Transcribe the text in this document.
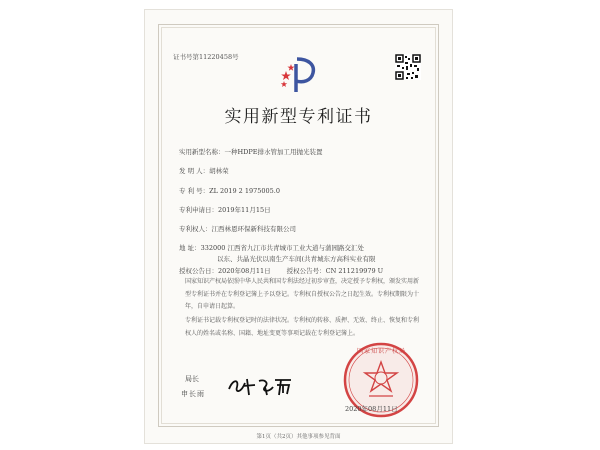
证书号第11220458号
实用新型专利证书
实用新型名称：一种HDPE排水管加工用抛光装置
发 明 人：胡林荣
专 利 号：ZL 2019 2 1975005.0
专利申请日：2019年11月15日
专利权人：江西林恩环保新科技有限公司
地 址：332000 江西省九江市共青城市工业大道与蒲园路交汇处
以东、共晶光伏以南生产车间(共青城东方高科实业有限
授权公告日：2020年08月11日 授权公告号：CN 211219979 U
国家知识产权局依照中华人民共和国专利法经过初步审查，决定授予专利权，颁发实用新型专利证书并在专利登记簿上予以登记。专利权自授权公告之日起生效。专利权期限为十年，自申请日起算。
专利证书记载专利权登记时的法律状况。专利权的转移、质押、无效、终止、恢复和专利权人的姓名或名称、国籍、地址变更等事项记载在专利登记簿上。
局长
申长雨
国家知识产权局
2020年08月11日
第1页（共2页）其他事项参见背面
